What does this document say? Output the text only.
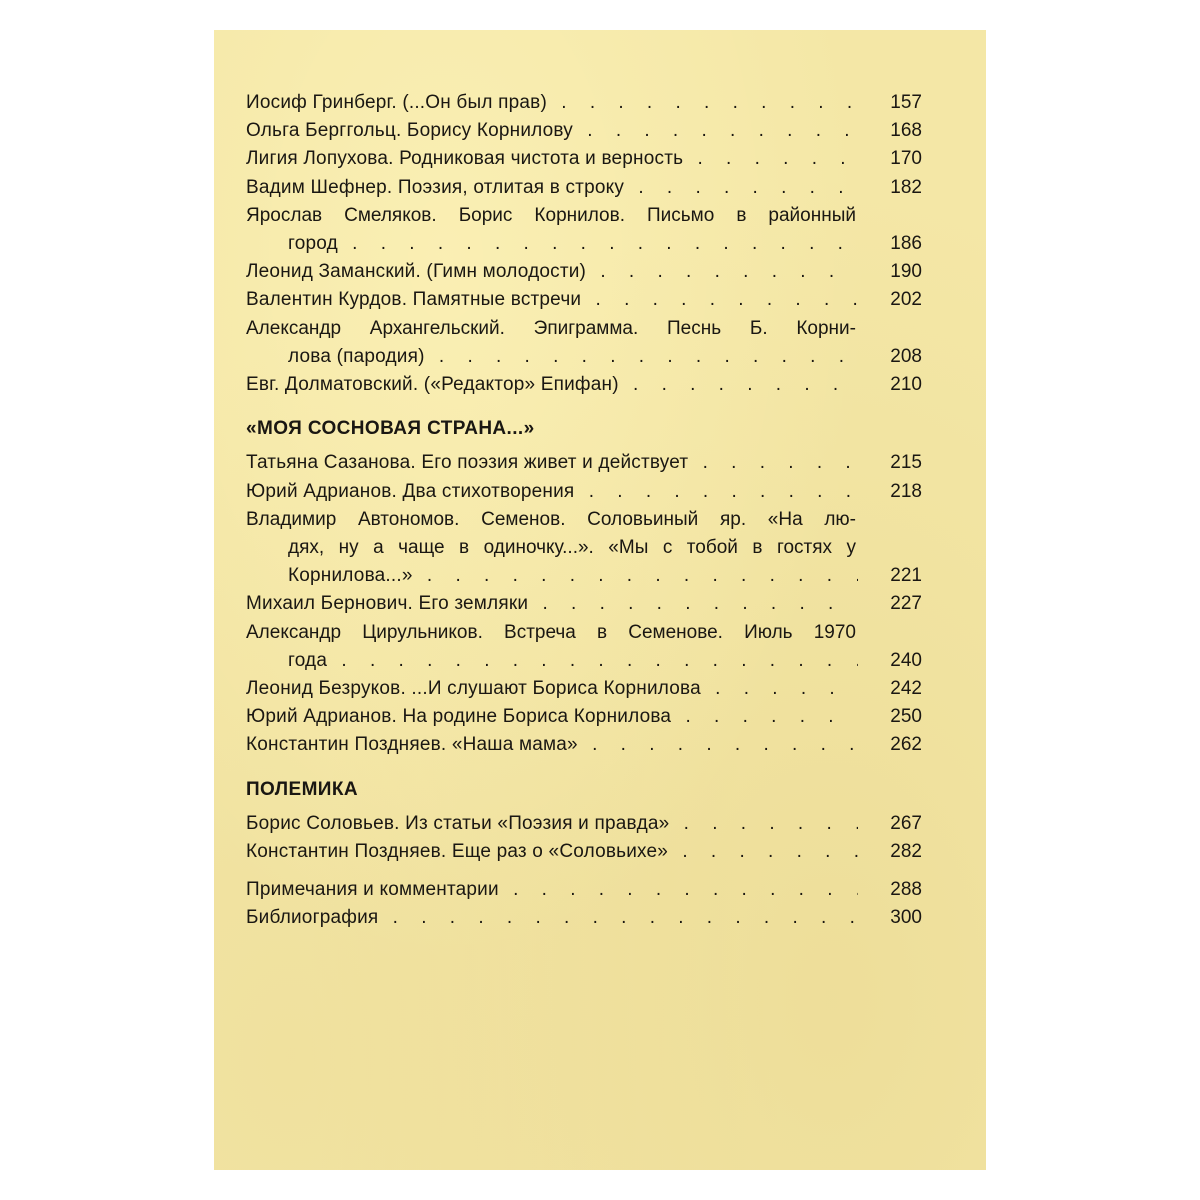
Иосиф Гринберг. (...Он был прав) . . .	157
Ольга Берггольц. Борису Корнилову . . .	168
Лигия Лопухова. Родниковая чистота и верность . . .	170
Вадим Шефнер. Поэзия, отлитая в строку . . .	182
Ярослав Смеляков. Борис Корнилов. Письмо в районный
город . . .	186
Леонид Заманский. (Гимн молодости) . . .	190
Валентин Курдов. Памятные встречи . . .	202
Александр Архангельский. Эпиграмма. Песнь Б. Корни-
лова (пародия) . . .	208
Евг. Долматовский. («Редактор» Епифан) . . .	210
«МОЯ СОСНОВАЯ СТРАНА...»
Татьяна Сазанова. Его поэзия живет и действует . . .	215
Юрий Адрианов. Два стихотворения . . .	218
Владимир Автономов. Семенов. Соловьиный яр. «На лю-
дях, ну а чаще в одиночку...». «Мы с тобой в гостях у
Корнилова...» . . .	221
Михаил Бернович. Его земляки . . .	227
Александр Цирульников. Встреча в Семенове. Июль 1970
года . . .	240
Леонид Безруков. ...И слушают Бориса Корнилова . . .	242
Юрий Адрианов. На родине Бориса Корнилова . . .	250
Константин Поздняев. «Наша мама» . . .	262
ПОЛЕМИКА
Борис Соловьев. Из статьи «Поэзия и правда» . . .	267
Константин Поздняев. Еще раз о «Соловьихе» . . .	282
Примечания и комментарии . . .	288
Библиография . . .	300
